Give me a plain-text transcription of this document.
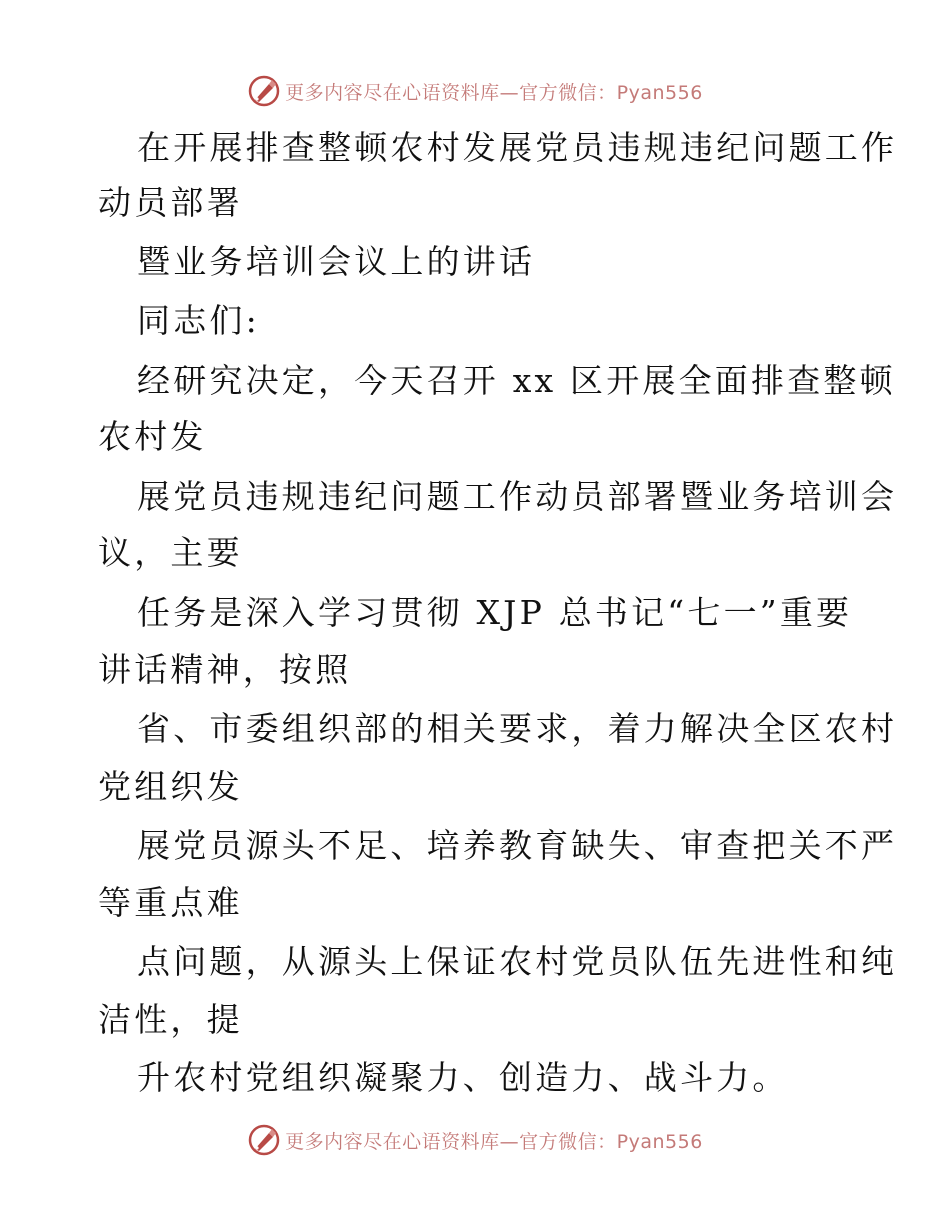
更多内容尽在心语资料库—官方微信：Pyan556
在开展排查整顿农村发展党员违规违纪问题工作
动员部署
暨业务培训会议上的讲话
同志们:
经研究决定，今天召开 xx 区开展全面排查整顿
农村发
展党员违规违纪问题工作动员部署暨业务培训会
议，主要
任务是深入学习贯彻 XJP 总书记“七一”重要
讲话精神，按照
省、市委组织部的相关要求，着力解决全区农村
党组织发
展党员源头不足、培养教育缺失、审查把关不严
等重点难
点问题，从源头上保证农村党员队伍先进性和纯
洁性，提
升农村党组织凝聚力、创造力、战斗力。
更多内容尽在心语资料库—官方微信：Pyan556
